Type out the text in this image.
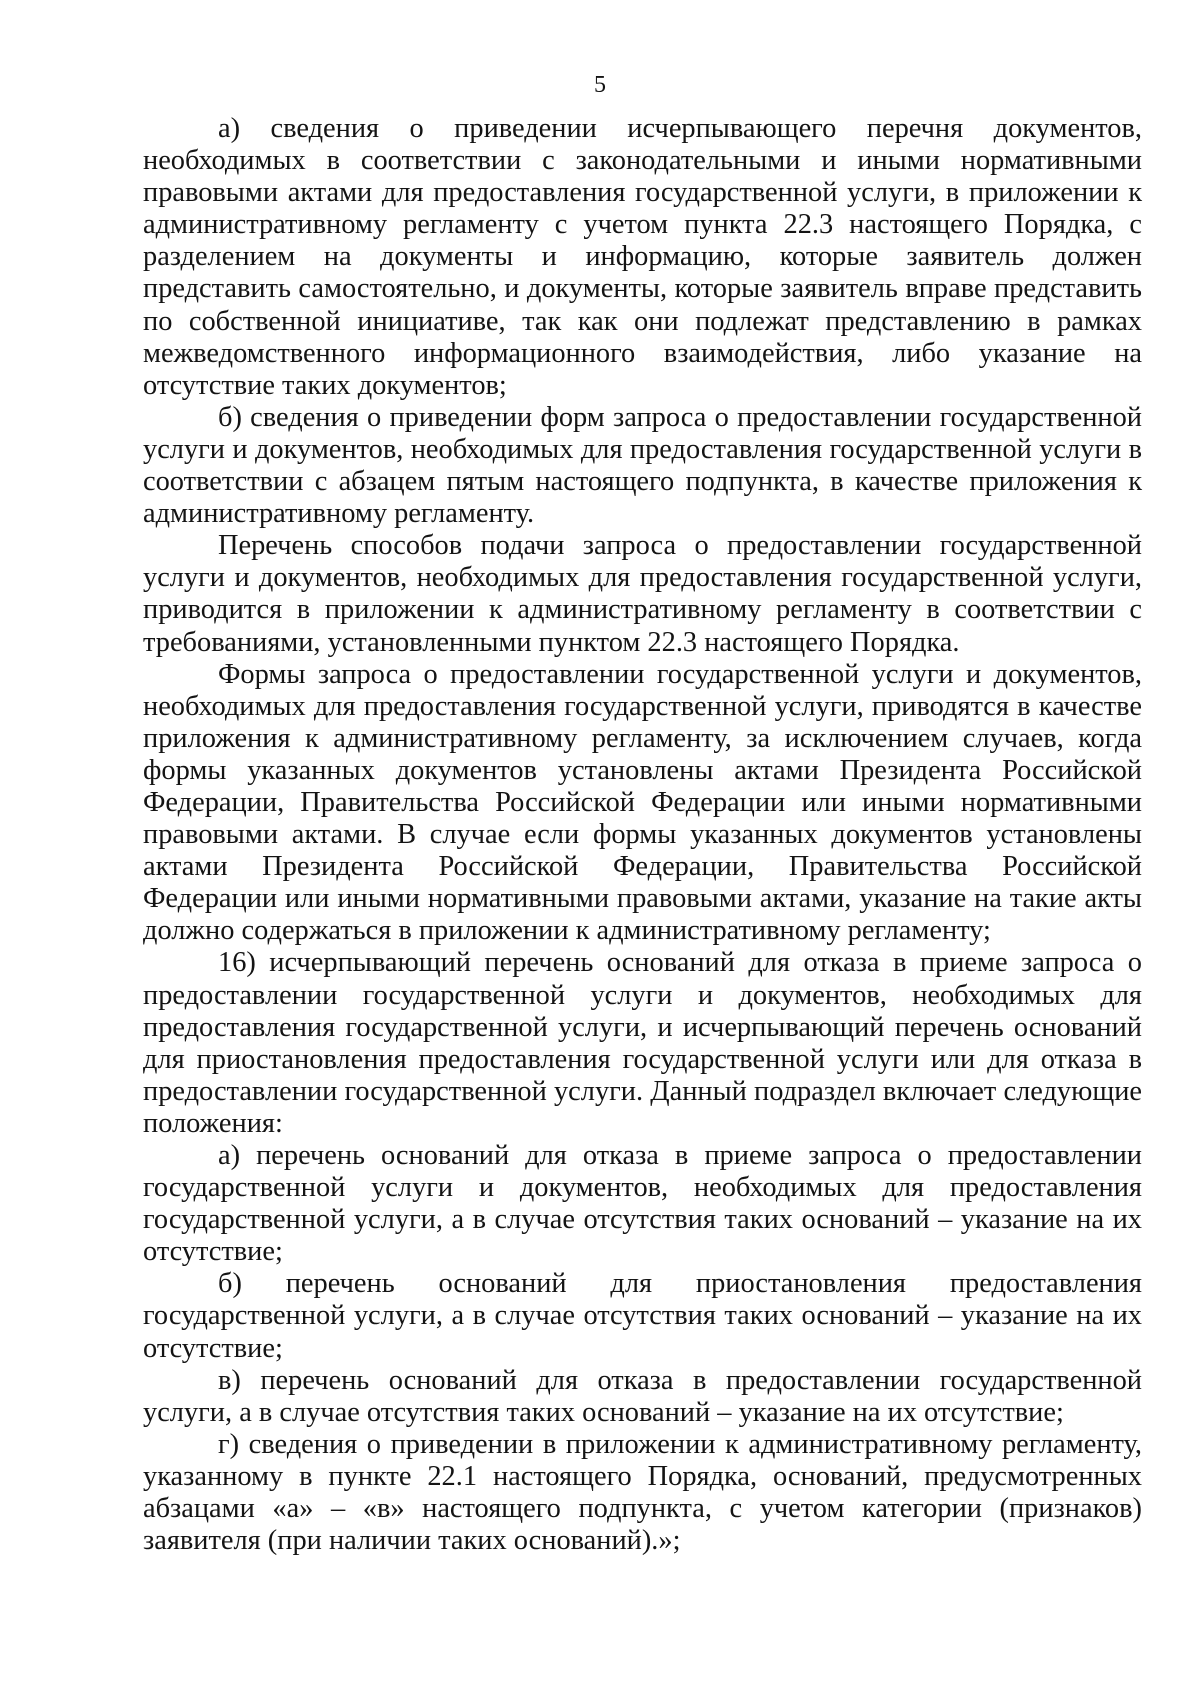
5

а) сведения о приведении исчерпывающего перечня документов, необходимых в соответствии с законодательными и иными нормативными правовыми актами для предоставления государственной услуги, в приложении к административному регламенту с учетом пункта 22.3 настоящего Порядка, с разделением на документы и информацию, которые заявитель должен представить самостоятельно, и документы, которые заявитель вправе представить по собственной инициативе, так как они подлежат представлению в рамках межведомственного информационного взаимодействия, либо указание на отсутствие таких документов;

б) сведения о приведении форм запроса о предоставлении государственной услуги и документов, необходимых для предоставления государственной услуги в соответствии с абзацем пятым настоящего подпункта, в качестве приложения к административному регламенту.

Перечень способов подачи запроса о предоставлении государственной услуги и документов, необходимых для предоставления государственной услуги, приводится в приложении к административному регламенту в соответствии с требованиями, установленными пунктом 22.3 настоящего Порядка.

Формы запроса о предоставлении государственной услуги и документов, необходимых для предоставления государственной услуги, приводятся в качестве приложения к административному регламенту, за исключением случаев, когда формы указанных документов установлены актами Президента Российской Федерации, Правительства Российской Федерации или иными нормативными правовыми актами. В случае если формы указанных документов установлены актами Президента Российской Федерации, Правительства Российской Федерации или иными нормативными правовыми актами, указание на такие акты должно содержаться в приложении к административному регламенту;

16) исчерпывающий перечень оснований для отказа в приеме запроса о предоставлении государственной услуги и документов, необходимых для предоставления государственной услуги, и исчерпывающий перечень оснований для приостановления предоставления государственной услуги или для отказа в предоставлении государственной услуги. Данный подраздел включает следующие положения:

а) перечень оснований для отказа в приеме запроса о предоставлении государственной услуги и документов, необходимых для предоставления государственной услуги, а в случае отсутствия таких оснований – указание на их отсутствие;

б) перечень оснований для приостановления предоставления государственной услуги, а в случае отсутствия таких оснований – указание на их отсутствие;

в) перечень оснований для отказа в предоставлении государственной услуги, а в случае отсутствия таких оснований – указание на их отсутствие;

г) сведения о приведении в приложении к административному регламенту, указанному в пункте 22.1 настоящего Порядка, оснований, предусмотренных абзацами «а» – «в» настоящего подпункта, с учетом категории (признаков) заявителя (при наличии таких оснований).»;
